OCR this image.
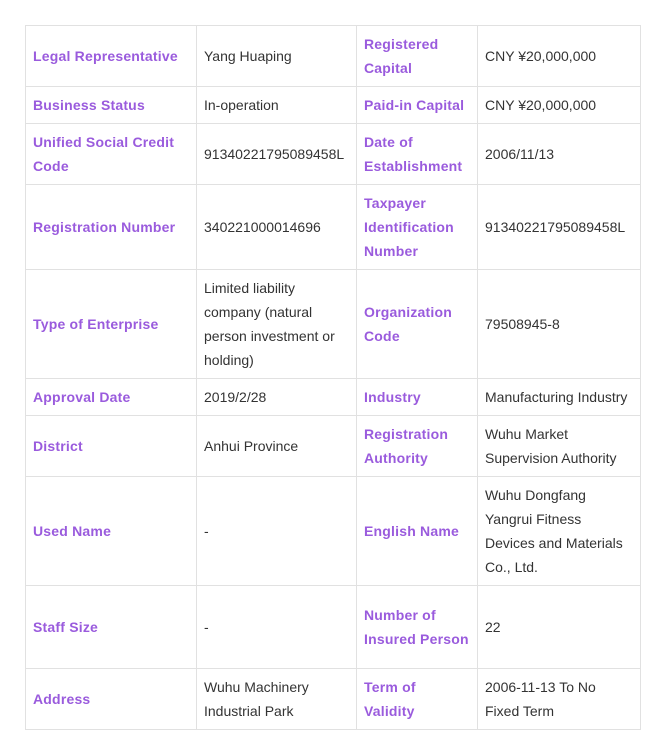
Legal Representative	Yang Huaping	Registered Capital	CNY ¥20,000,000
Business Status	In-operation	Paid-in Capital	CNY ¥20,000,000
Unified Social Credit Code	91340221795089458L	Date of Establishment	2006/11/13
Registration Number	340221000014696	Taxpayer Identification Number	91340221795089458L
Type of Enterprise	Limited liability company (natural person investment or holding)	Organization Code	79508945-8
Approval Date	2019/2/28	Industry	Manufacturing Industry
District	Anhui Province	Registration Authority	Wuhu Market Supervision Authority
Used Name	-	English Name	Wuhu Dongfang Yangrui Fitness Devices and Materials Co., Ltd.
Staff Size	-	Number of Insured Person	22
Address	Wuhu Machinery Industrial Park	Term of Validity	2006-11-13 To No Fixed Term
